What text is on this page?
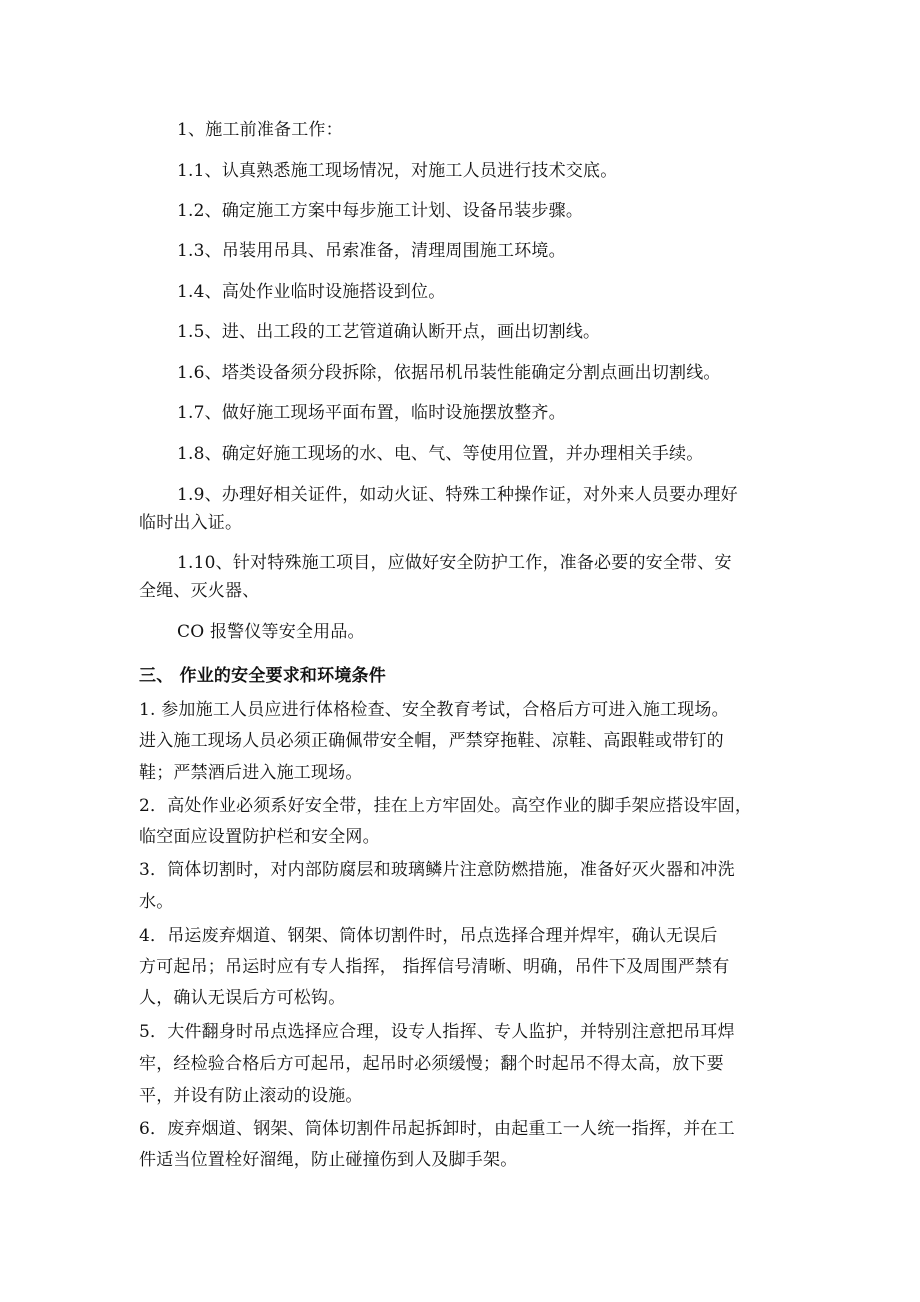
1、施工前准备工作：
1.1、认真熟悉施工现场情况，对施工人员进行技术交底。
1.2、确定施工方案中每步施工计划、设备吊装步骤。
1.3、吊装用吊具、吊索准备，清理周围施工环境。
1.4、高处作业临时设施搭设到位。
1.5、进、出工段的工艺管道确认断开点，画出切割线。
1.6、塔类设备须分段拆除，依据吊机吊装性能确定分割点画出切割线。
1.7、做好施工现场平面布置，临时设施摆放整齐。
1.8、确定好施工现场的水、电、气、等使用位置，并办理相关手续。
1.9、办理好相关证件，如动火证、特殊工种操作证，对外来人员要办理好
临时出入证。
1.10、针对特殊施工项目，应做好安全防护工作，准备必要的安全带、安
全绳、灭火器、
CO 报警仪等安全用品。
三、 作业的安全要求和环境条件
1. 参加施工人员应进行体格检查、安全教育考试，合格后方可进入施工现场。
进入施工现场人员必须正确佩带安全帽，严禁穿拖鞋、凉鞋、高跟鞋或带钉的
鞋；严禁酒后进入施工现场。
2．高处作业必须系好安全带，挂在上方牢固处。高空作业的脚手架应搭设牢固，
临空面应设置防护栏和安全网。
3．筒体切割时，对内部防腐层和玻璃鳞片注意防燃措施，准备好灭火器和冲洗
水。
4．吊运废弃烟道、钢架、筒体切割件时，吊点选择合理并焊牢，确认无误后
方可起吊；吊运时应有专人指挥， 指挥信号清晰、明确，吊件下及周围严禁有
人，确认无误后方可松钩。
5．大件翻身时吊点选择应合理，设专人指挥、专人监护，并特别注意把吊耳焊
牢，经检验合格后方可起吊，起吊时必须缓慢；翻个时起吊不得太高，放下要
平，并设有防止滚动的设施。
6．废弃烟道、钢架、筒体切割件吊起拆卸时，由起重工一人统一指挥，并在工
件适当位置栓好溜绳，防止碰撞伤到人及脚手架。
